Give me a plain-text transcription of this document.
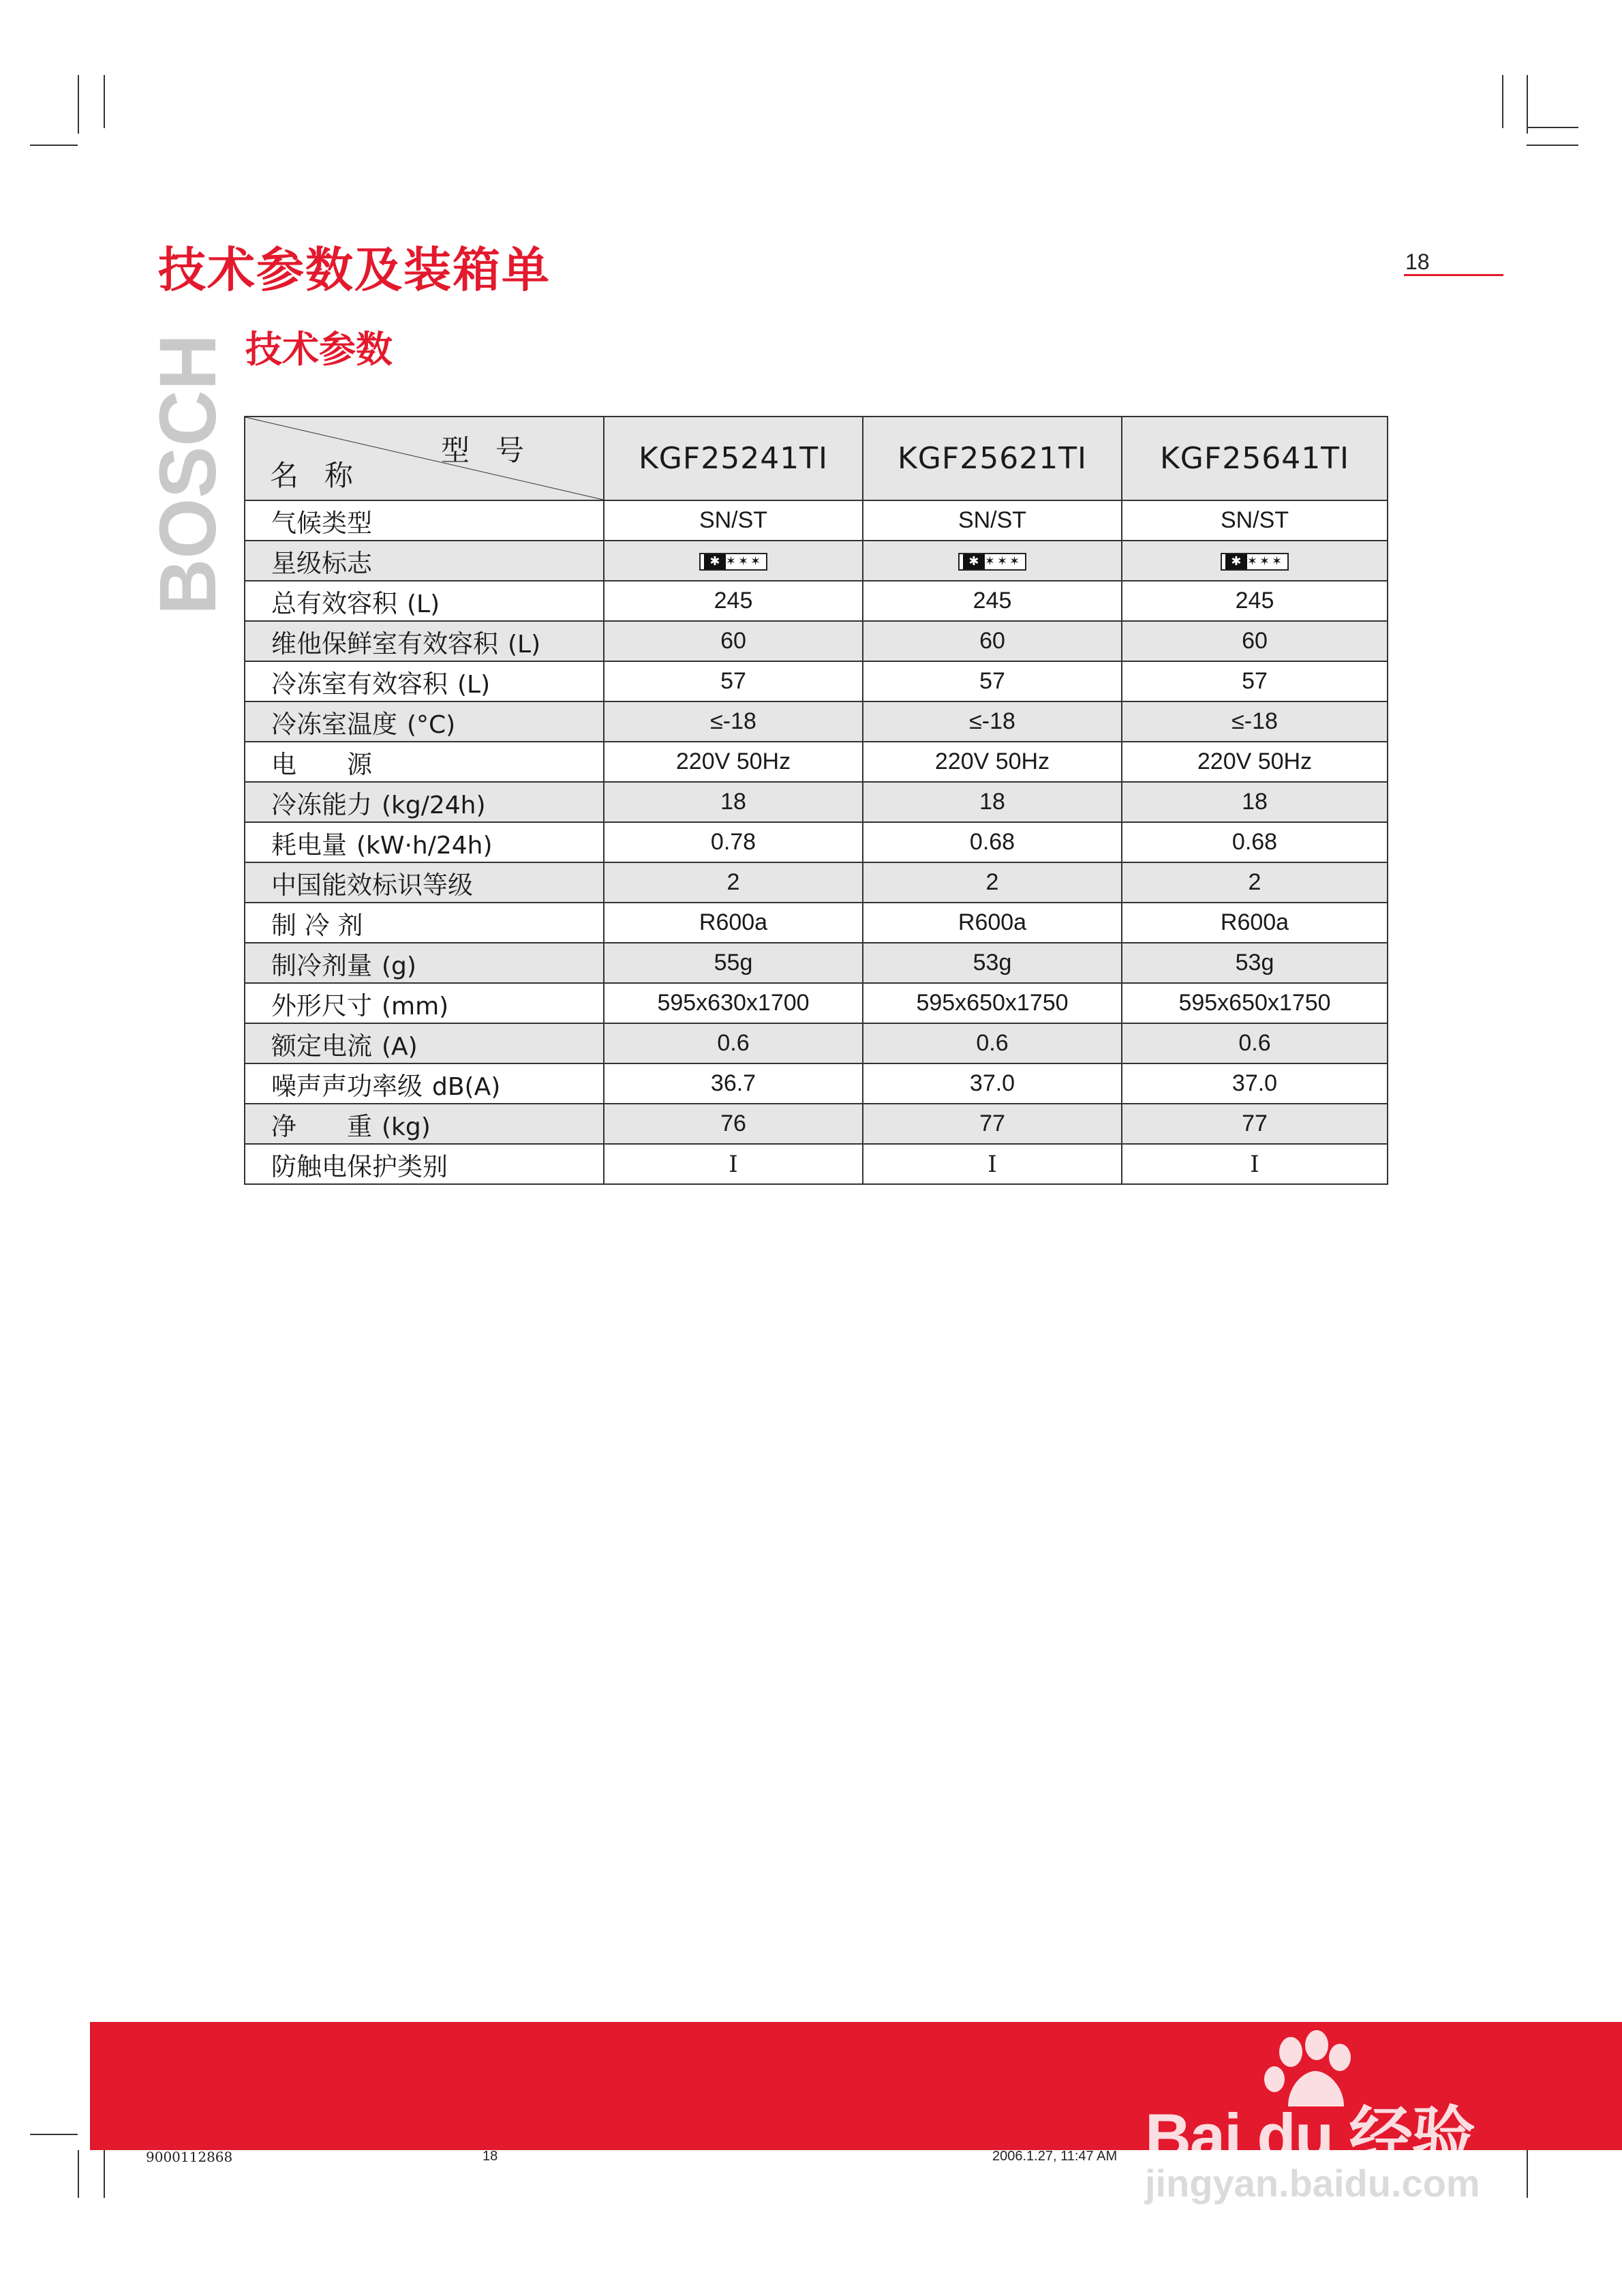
技术参数及装箱单	18
BOSCH 技术参数
型号
名称	KGF25241TI	KGF25621TI	KGF25641TI
气候类型	SN/ST	SN/ST	SN/ST
星级标志	✱ ✶✶✶	✱ ✶✶✶	✱ ✶✶✶
总有效容积 (L)	245	245	245
维他保鲜室有效容积 (L)	60	60	60
冷冻室有效容积 (L)	57	57	57
冷冻室温度 (°C)	≤-18	≤-18	≤-18
电　　源	220V 50Hz	220V 50Hz	220V 50Hz
冷冻能力 (kg/24h)	18	18	18
耗电量 (kW·h/24h)	0.78	0.68	0.68
中国能效标识等级	2	2	2
制 冷 剂	R600a	R600a	R600a
制冷剂量 (g)	55g	53g	53g
外形尺寸 (mm)	595x630x1700	595x650x1750	595x650x1750
额定电流 (A)	0.6	0.6	0.6
噪声声功率级 dB(A)	36.7	37.0	37.0
净　　重 (kg)	76	77	77
防触电保护类别	I	I	I
Bai du 经验
jingyan.baidu.com
9000112868	18	2006.1.27, 11:47 AM
